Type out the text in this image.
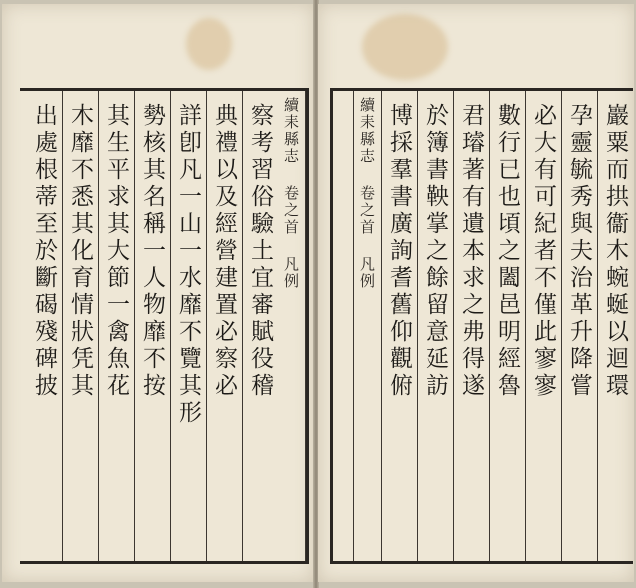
續耒縣志 卷之首 凡例
察考習俗驗土宜審賦役稽
典禮以及經營建置必察必
詳卽凡一山一水靡不覽其形
勢核其名稱一人物靡不按
其生平求其大節一禽魚花
木靡不悉其化育情狀凭其
出處根蒂至於斷碣殘碑披	巖粟而拱衞木蜿蜒以迴環
孕靈毓秀與夫治革升降嘗
必大有可紀者不僅此寥寥
數行已也頃之闔邑明經魯
君璿著有遺本求之弗得遂
於簿書鞅掌之餘留意延訪
博採羣書廣詢耆舊仰觀俯
續耒縣志 卷之首 凡例
